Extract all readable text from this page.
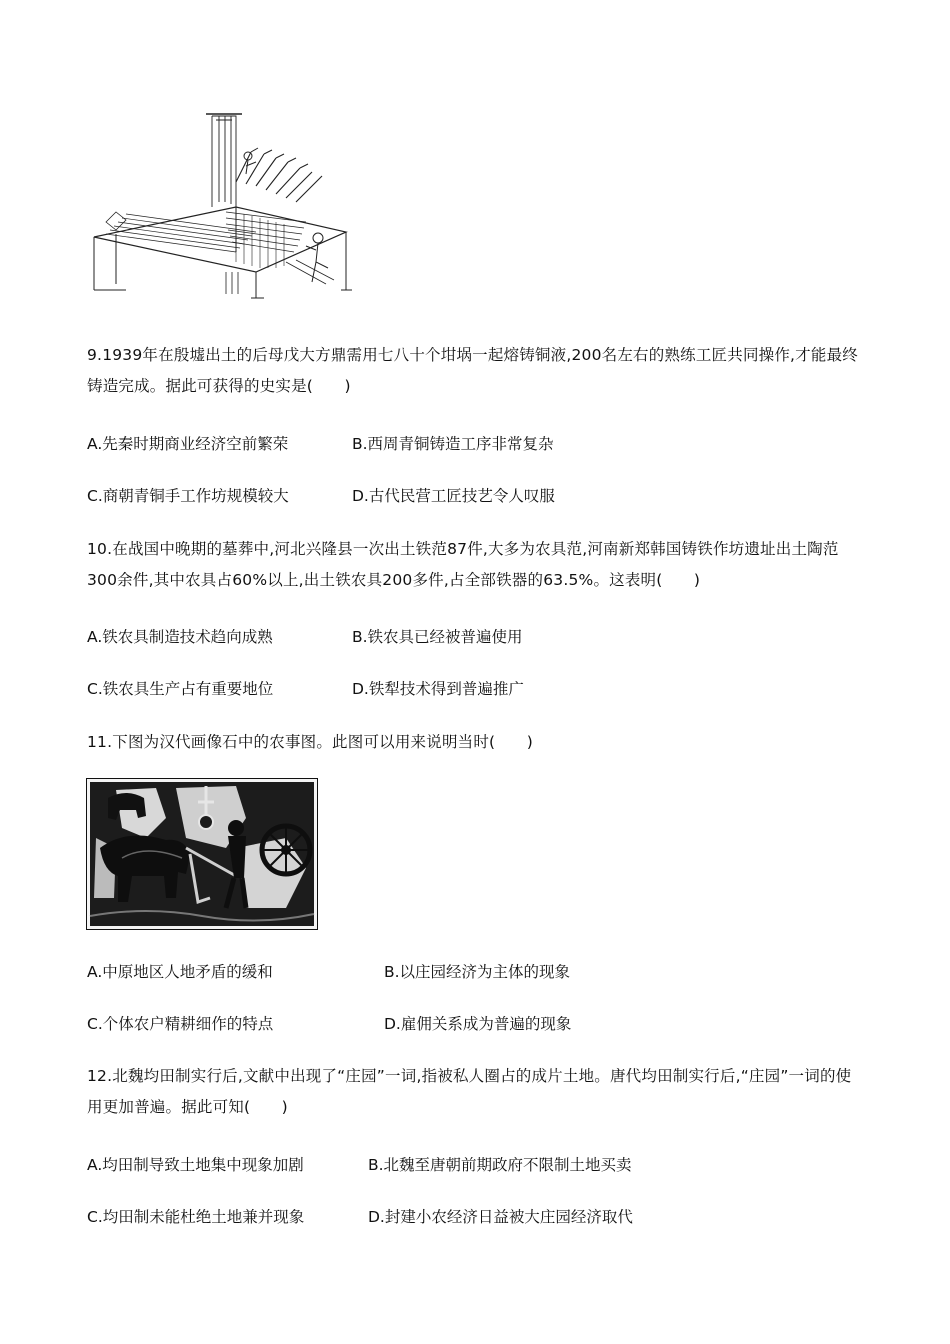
9.1939年在殷墟出土的后母戊大方鼎需用七八十个坩埚一起熔铸铜液,200名左右的熟练工匠共同操作,才能最终铸造完成。据此可获得的史实是(　　)
A.先秦时期商业经济空前繁荣	B.西周青铜铸造工序非常复杂
C.商朝青铜手工作坊规模较大	D.古代民营工匠技艺令人叹服
10.在战国中晚期的墓葬中,河北兴隆县一次出土铁范87件,大多为农具范,河南新郑韩国铸铁作坊遗址出土陶范300余件,其中农具占60%以上,出土铁农具200多件,占全部铁器的63.5%。这表明(　　)
A.铁农具制造技术趋向成熟	B.铁农具已经被普遍使用
C.铁农具生产占有重要地位	D.铁犁技术得到普遍推广
11.下图为汉代画像石中的农事图。此图可以用来说明当时(　　)
A.中原地区人地矛盾的缓和	B.以庄园经济为主体的现象
C.个体农户精耕细作的特点	D.雇佣关系成为普遍的现象
12.北魏均田制实行后,文献中出现了“庄园”一词,指被私人圈占的成片土地。唐代均田制实行后,“庄园”一词的使用更加普遍。据此可知(　　)
A.均田制导致土地集中现象加剧	B.北魏至唐朝前期政府不限制土地买卖
C.均田制未能杜绝土地兼并现象	D.封建小农经济日益被大庄园经济取代
